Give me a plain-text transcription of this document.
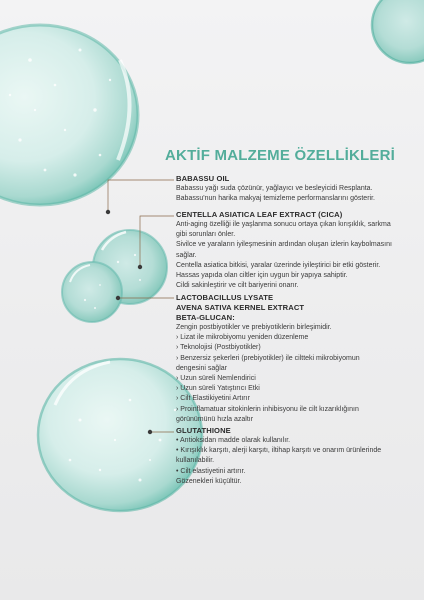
AKTİF MALZEME ÖZELLİKLERİ
BABASSU OIL
Babassu yağı suda çözünür, yağlayıcı ve besleyicidi Resplanta.
Babassu'nun harika makyaj temizleme performanslarını gösterir.
CENTELLA ASIATICA LEAF EXTRACT (CICA)
Anti-aging özelliği ile yaşlanma sonucu ortaya çıkan kırışıklık, sarkma
gibi sorunları önler.
Sivilce ve yaraların iyileşmesinin ardından oluşan izlerin kaybolmasını
sağlar.
Centella asiatica bitkisi, yaralar üzerinde iyileştirici bir etki gösterir.
Hassas yapıda olan ciltler için uygun bir yapıya sahiptir.
Cildi sakinleştirir ve cilt bariyerini onarır.
LACTOBACILLUS LYSATE
AVENA SATIVA KERNEL EXTRACT
BETA-GLUCAN:
Zengin postbiyotikler ve prebiyotiklerin birleşimidir.
› Lizat ile mikrobiyomu yeniden düzenleme
› Teknolojisi (Postbiyotikler)
› Benzersiz şekerleri (prebiyotikler) ile ciltteki mikrobiyomun
dengesini sağlar
› Uzun süreli Nemlendirici
› Uzun süreli Yatıştırıcı Etki
› Cilt Elastikiyetini Artırır
› Proinflamatuar sitokinlerin inhibisyonu ile cilt kızarıklığının
görünümünü hızla azaltır
GLUTATHIONE
• Antioksidan madde olarak kullanılır.
• Kırışıklık karşıtı, alerji karşıtı, iltihap karşıtı ve onarım ürünlerinde
kullanılabilir.
• Cilt elastiyetini artırır.
Gözenekleri küçültür.
